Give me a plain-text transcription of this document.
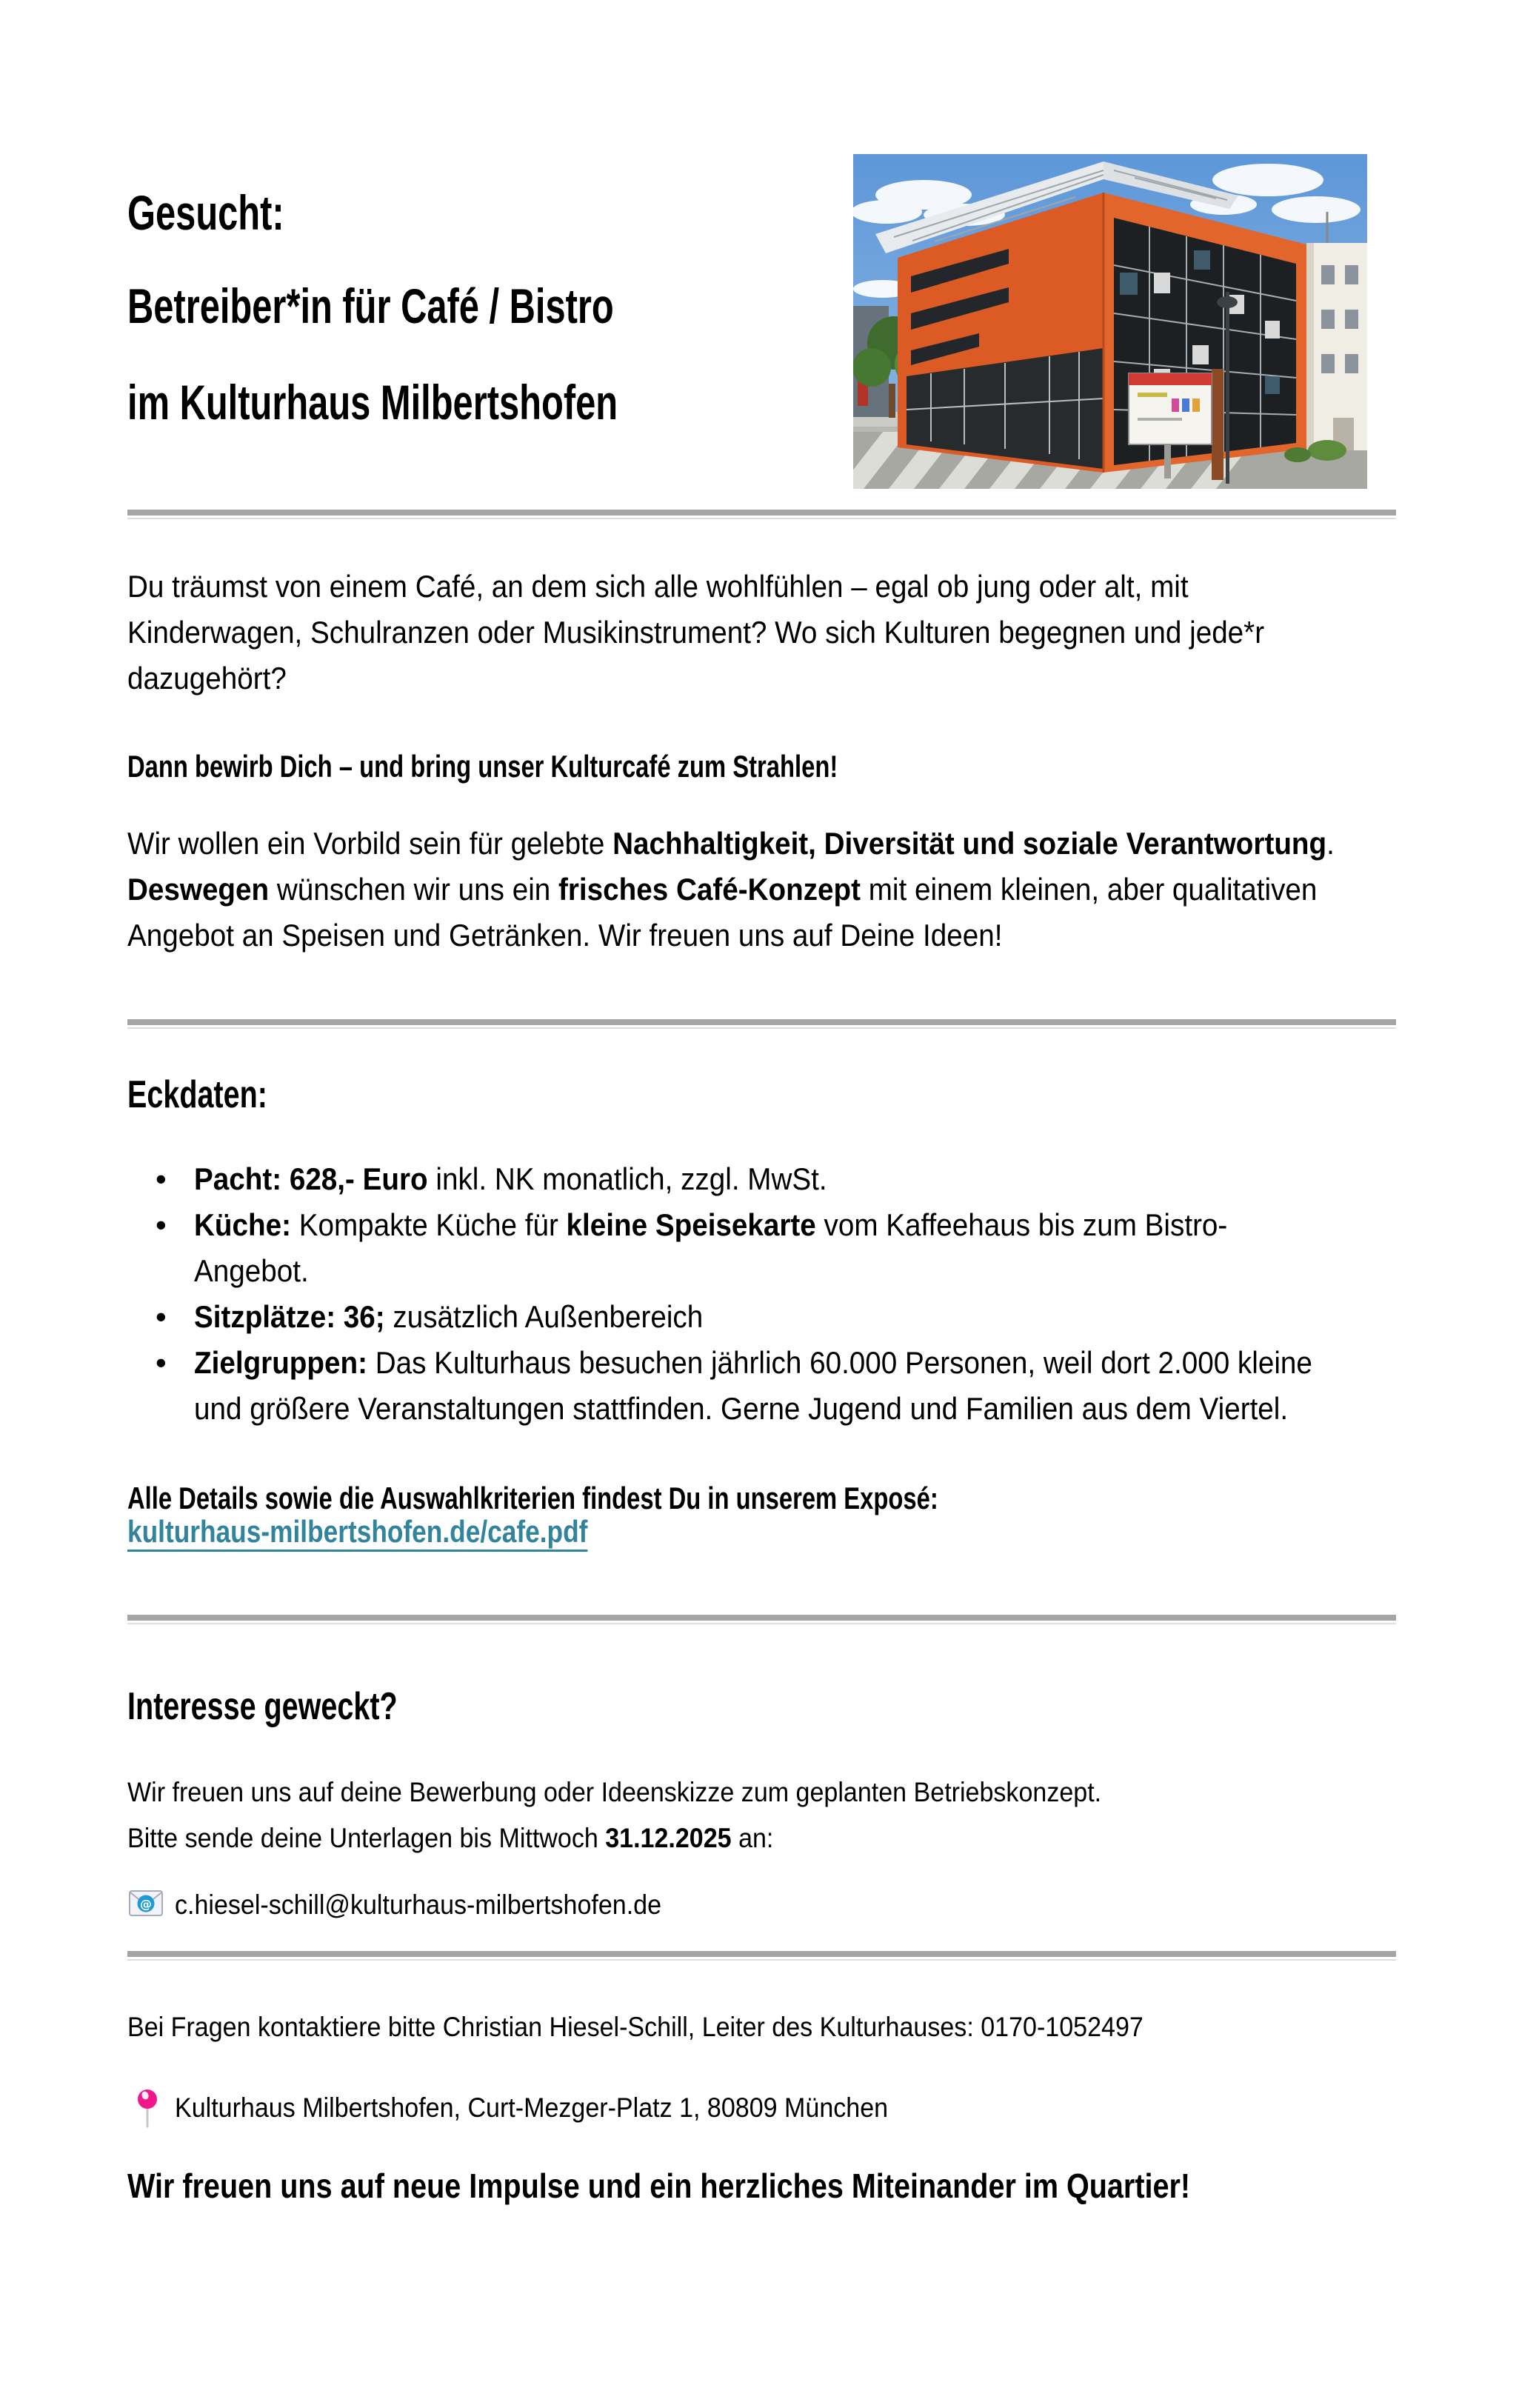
Gesucht:
Betreiber*in für Café / Bistro
im Kulturhaus Milbertshofen
Du träumst von einem Café, an dem sich alle wohlfühlen – egal ob jung oder alt, mit
Kinderwagen, Schulranzen oder Musikinstrument? Wo sich Kulturen begegnen und jede*r
dazugehört?
Dann bewirb Dich – und bring unser Kulturcafé zum Strahlen!
Wir wollen ein Vorbild sein für gelebte Nachhaltigkeit, Diversität und soziale Verantwortung.
Deswegen wünschen wir uns ein frisches Café-Konzept mit einem kleinen, aber qualitativen
Angebot an Speisen und Getränken. Wir freuen uns auf Deine Ideen!
Eckdaten:
• Pacht: 628,- Euro inkl. NK monatlich, zzgl. MwSt.
• Küche: Kompakte Küche für kleine Speisekarte vom Kaffeehaus bis zum Bistro-
Angebot.
• Sitzplätze: 36; zusätzlich Außenbereich
• Zielgruppen: Das Kulturhaus besuchen jährlich 60.000 Personen, weil dort 2.000 kleine
und größere Veranstaltungen stattfinden. Gerne Jugend und Familien aus dem Viertel.
Alle Details sowie die Auswahlkriterien findest Du in unserem Exposé:
kulturhaus-milbertshofen.de/cafe.pdf
Interesse geweckt?
Wir freuen uns auf deine Bewerbung oder Ideenskizze zum geplanten Betriebskonzept.
Bitte sende deine Unterlagen bis Mittwoch 31.12.2025 an:
@ c.hiesel-schill@kulturhaus-milbertshofen.de
Bei Fragen kontaktiere bitte Christian Hiesel-Schill, Leiter des Kulturhauses: 0170-1052497
Kulturhaus Milbertshofen, Curt-Mezger-Platz 1, 80809 München
Wir freuen uns auf neue Impulse und ein herzliches Miteinander im Quartier!
